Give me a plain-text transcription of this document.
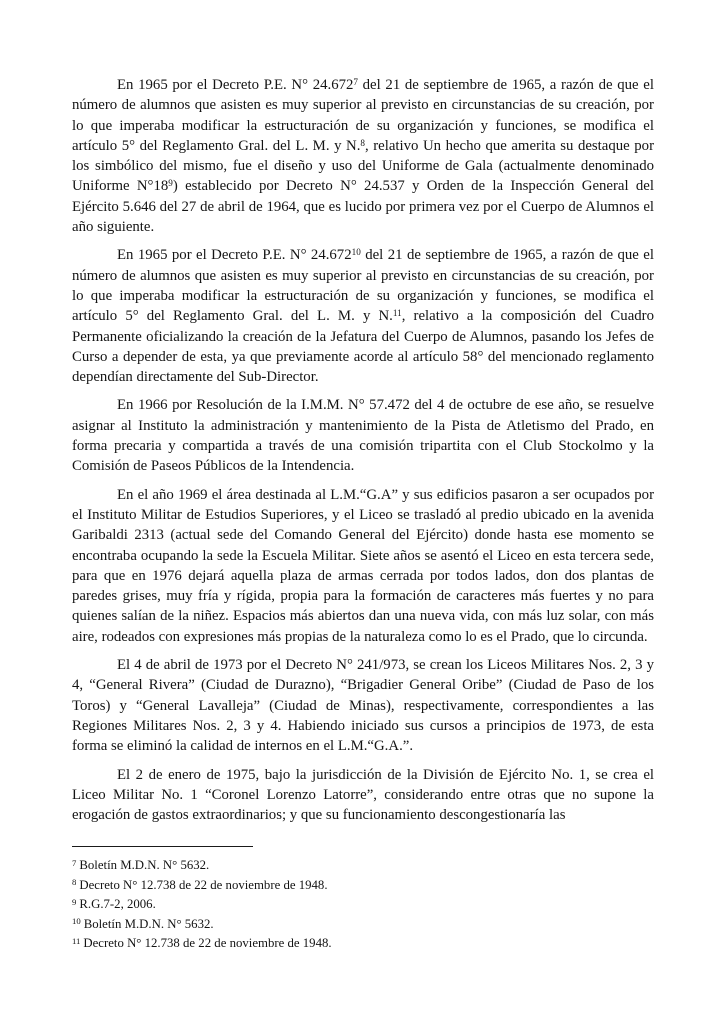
En 1965 por el Decreto P.E. N° 24.672$^7$ del 21 de septiembre de 1965, a razón de que el número de alumnos que asisten es muy superior al previsto en circunstancias de su creación, por lo que imperaba modificar la estructuración de su organización y funciones, se modifica el artículo 5° del Reglamento Gral. del L. M. y N.$^8$, relativo Un hecho que amerita su destaque por los simbólico del mismo, fue el diseño y uso del Uniforme de Gala (actualmente denominado Uniforme $N^\circ 18^9$) establecido por Decreto N° 24.537 y Orden de la Inspección General del Ejército 5.646 del 27 de abril de 1964, que es lucido por primera vez por el Cuerpo de Alumnos el año siguiente.

En 1965 por el Decreto P.E. N° 24.672$^{10}$ del 21 de septiembre de 1965, a razón de que el número de alumnos que asisten es muy superior al previsto en circunstancias de su creación, por lo que imperaba modificar la estructuración de su organización y funciones, se modifica el artículo 5° del Reglamento Gral. del L. M. y N.$^{11}$, relativo a la composición del Cuadro Permanente oficializando la creación de la Jefatura del Cuerpo de Alumnos, pasando los Jefes de Curso a depender de esta, ya que previamente acorde al artículo 58° del mencionado reglamento dependían directamente del Sub-Director.

En 1966 por Resolución de la I.M.M. N° 57.472 del 4 de octubre de ese año, se resuelve asignar al Instituto la administración y mantenimiento de la Pista de Atletismo del Prado, en forma precaria y compartida a través de una comisión tripartita con el Club Stockolmo y la Comisión de Paseos Públicos de la Intendencia.

En el año 1969 el área destinada al L.M.“G.A” y sus edificios pasaron a ser ocupados por el Instituto Militar de Estudios Superiores, y el Liceo se trasladó al predio ubicado en la avenida Garibaldi 2313 (actual sede del Comando General del Ejército) donde hasta ese momento se encontraba ocupando la sede la Escuela Militar. Siete años se asentó el Liceo en esta tercera sede, para que en 1976 dejará aquella plaza de armas cerrada por todos lados, don dos plantas de paredes grises, muy fría y rígida, propia para la formación de caracteres más fuertes y no para quienes salían de la niñez. Espacios más abiertos dan una nueva vida, con más luz solar, con más aire, rodeados con expresiones más propias de la naturaleza como lo es el Prado, que lo circunda.

El 4 de abril de 1973 por el Decreto N° 241/973, se crean los Liceos Militares Nos. 2, 3 y 4, “General Rivera” (Ciudad de Durazno), “Brigadier General Oribe” (Ciudad de Paso de los Toros) y “General Lavalleja” (Ciudad de Minas), respectivamente, correspondientes a las Regiones Militares Nos. 2, 3 y 4. Habiendo iniciado sus cursos a principios de 1973, de esta forma se eliminó la calidad de internos en el L.M.“G.A.”.

El 2 de enero de 1975, bajo la jurisdicción de la División de Ejército No. 1, se crea el Liceo Militar No. 1 “Coronel Lorenzo Latorre”, considerando entre otras que no supone la erogación de gastos extraordinarios; y que su funcionamiento descongestionaría las

$^7$ Boletín M.D.N. N° 5632.
$^8$ Decreto N° 12.738 de 22 de noviembre de 1948.
$^9$ R.G.7-2, 2006.
$^{10}$ Boletín M.D.N. N° 5632.
$^{11}$ Decreto N° 12.738 de 22 de noviembre de 1948.
